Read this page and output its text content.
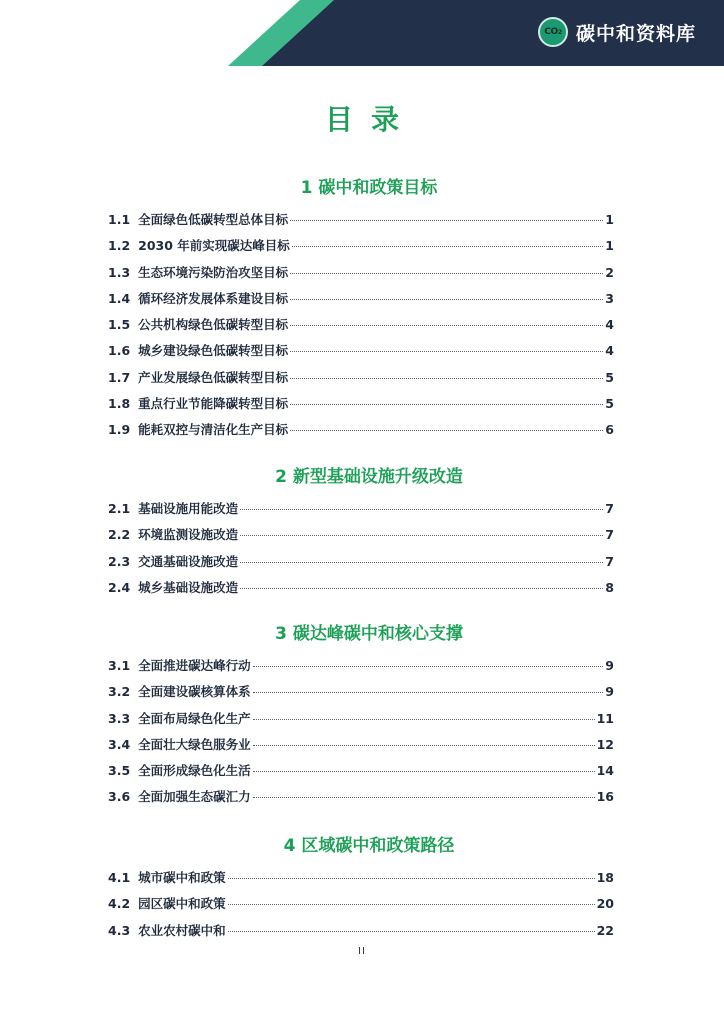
CO 2 碳中和资料库
目录
1 碳中和政策目标
1.1 全面绿色低碳转型总体目标	1
1.2 2030 年前实现碳达峰目标	1
1.3 生态环境污染防治攻坚目标	2
1.4 循环经济发展体系建设目标	3
1.5 公共机构绿色低碳转型目标	4
1.6 城乡建设绿色低碳转型目标	4
1.7 产业发展绿色低碳转型目标	5
1.8 重点行业节能降碳转型目标	5
1.9 能耗双控与清洁化生产目标	6
2 新型基础设施升级改造
2.1 基础设施用能改造	7
2.2 环境监测设施改造	7
2.3 交通基础设施改造	7
2.4 城乡基础设施改造	8
3 碳达峰碳中和核心支撑
3.1 全面推进碳达峰行动	9
3.2 全面建设碳核算体系	9
3.3 全面布局绿色化生产	11
3.4 全面壮大绿色服务业	12
3.5 全面形成绿色化生活	14
3.6 全面加强生态碳汇力	16
4 区域碳中和政策路径
4.1 城市碳中和政策	18
4.2 园区碳中和政策	20
4.3 农业农村碳中和	22
II
